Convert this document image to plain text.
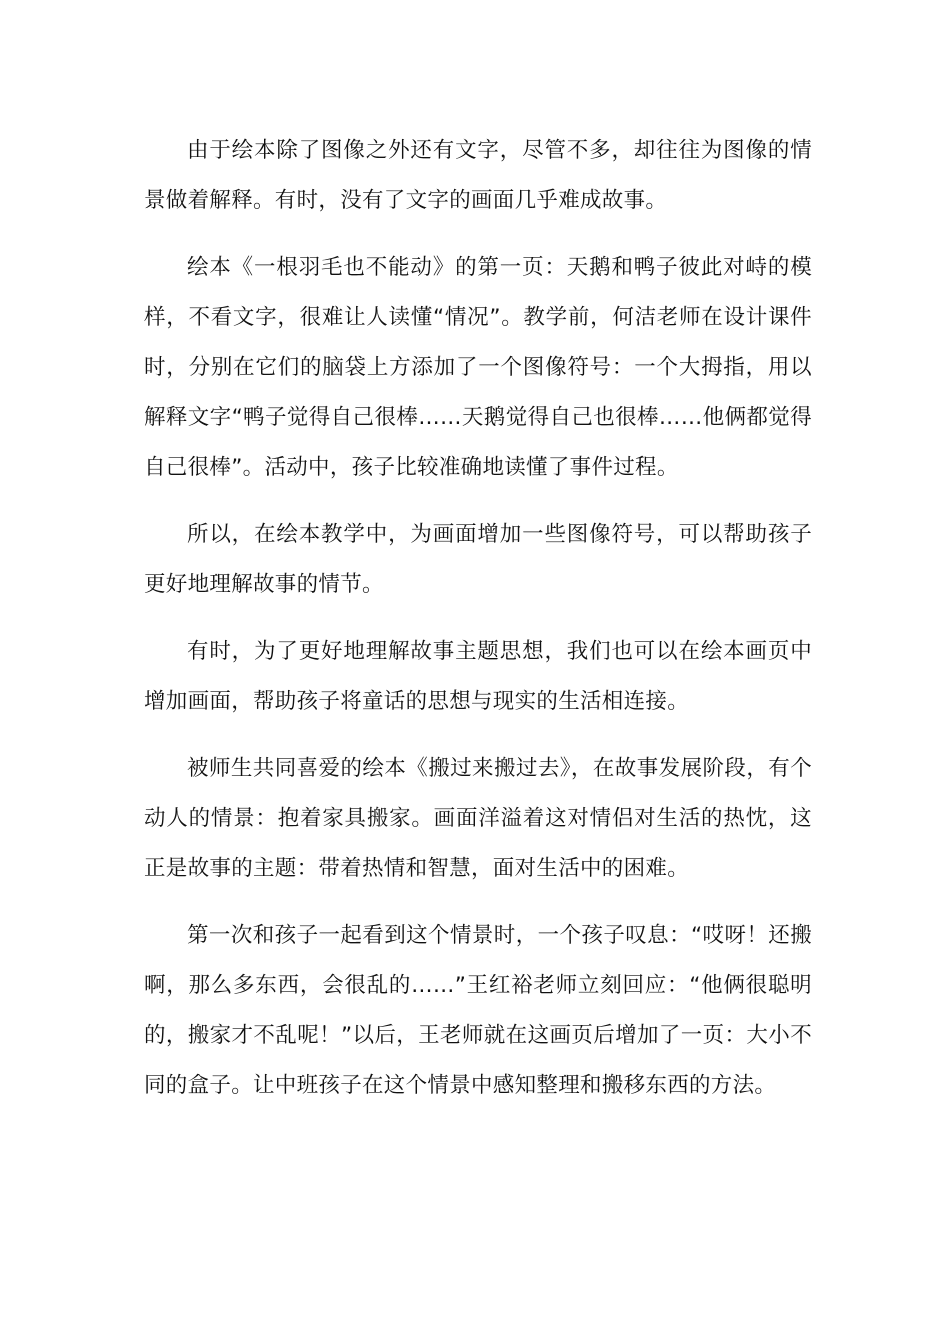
由于绘本除了图像之外还有文字，尽管不多，却往往为图像的情景做着解释。有时，没有了文字的画面几乎难成故事。

绘本《一根羽毛也不能动》的第一页：天鹅和鸭子彼此对峙的模样，不看文字，很难让人读懂“情况”。教学前，何洁老师在设计课件时，分别在它们的脑袋上方添加了一个图像符号：一个大拇指，用以解释文字“鸭子觉得自己很棒……天鹅觉得自己也很棒……他俩都觉得自己很棒”。活动中，孩子比较准确地读懂了事件过程。

所以，在绘本教学中，为画面增加一些图像符号，可以帮助孩子更好地理解故事的情节。

有时，为了更好地理解故事主题思想，我们也可以在绘本画页中增加画面，帮助孩子将童话的思想与现实的生活相连接。

被师生共同喜爱的绘本《搬过来搬过去》，在故事发展阶段，有个动人的情景：抱着家具搬家。画面洋溢着这对情侣对生活的热忱，这正是故事的主题：带着热情和智慧，面对生活中的困难。

第一次和孩子一起看到这个情景时，一个孩子叹息：“哎呀！还搬啊，那么多东西，会很乱的……”王红裕老师立刻回应：“他俩很聪明的，搬家才不乱呢！”以后，王老师就在这画页后增加了一页：大小不同的盒子。让中班孩子在这个情景中感知整理和搬移东西的方法。
